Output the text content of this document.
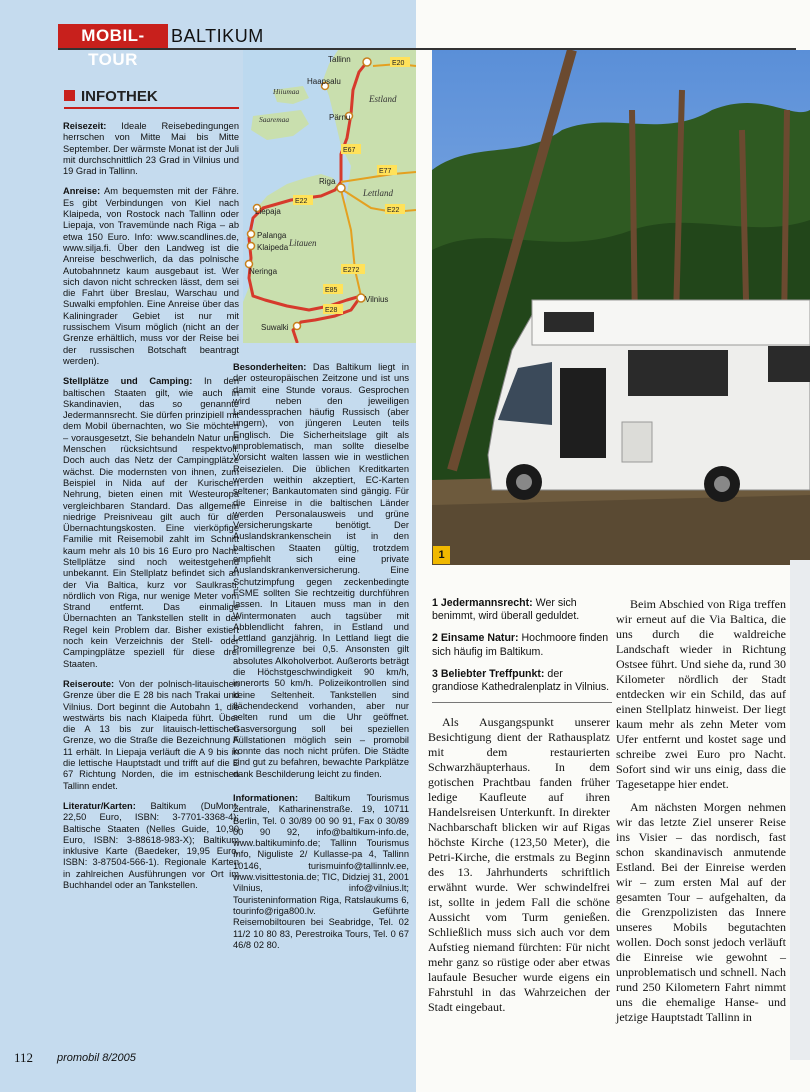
MOBIL-TOUR
BALTIKUM
INFOTHEK

Reisezeit: Ideale Reisebedingungen herrschen von Mitte Mai bis Mitte September. Der wärmste Monat ist der Juli mit durchschnittlich 23 Grad in Vilnius und 19 Grad in Tallinn.

Anreise: Am bequemsten mit der Fähre. Es gibt Verbindungen von Kiel nach Klaipeda, von Rostock nach Tallinn oder Liepaja, von Travemünde nach Riga – ab etwa 150 Euro. Info: www.scandlines.de, www.silja.fi. Über den Landweg ist die Anreise beschwerlich, da das polnische Autobahnnetz kaum ausgebaut ist. Wer sich davon nicht schrecken lässt, dem sei die Fahrt über Breslau, Warschau und Suwalki empfohlen. Eine Anreise über das Kaliningrader Gebiet ist nur mit russischem Visum möglich (nicht an der Grenze erhältlich, muss vor der Reise bei der russischen Botschaft beantragt werden).

Stellplätze und Camping: In den baltischen Staaten gilt, wie auch in Skandinavien, das so genannte Jedermannsrecht. Sie dürfen prinzipiell mit dem Mobil übernachten, wo Sie möchten – vorausgesetzt, Sie behandeln Natur und Menschen rücksichtsund respektvoll. Doch auch das Netz der Campingplätze wächst. Die modernsten von ihnen, zum Beispiel in Nida auf der Kurischen Nehrung, bieten einen mit Westeuropa vergleichbaren Standard. Das allgemein niedrige Preisniveau gilt auch für die Übernachtungskosten. Eine vierköpfige Familie mit Reisemobil zahlt im Schnitt kaum mehr als 10 bis 16 Euro pro Nacht. Stellplätze sind noch weitestgehend unbekannt. Ein Stellplatz befindet sich an der Via Baltica, kurz vor Saulkrasti, nördlich von Riga, nur wenige Meter vom Strand entfernt. Das einmalige Übernachten an Tankstellen stellt in der Regel kein Problem dar. Bisher existiert noch kein Verzeichnis der Stell- oder Campingplätze speziell für diese drei Staaten.

Reiseroute: Von der polnisch-litauischen Grenze über die E 28 bis nach Trakai und Vilnius. Dort beginnt die Autobahn 1, die westwärts bis nach Klaipeda führt. Über die A 13 bis zur litauisch-lettischen Grenze, wo die Straße die Bezeichnung A 11 erhält. In Liepaja verläuft die A 9 bis in die lettische Hauptstadt und trifft auf die E 67 Richtung Norden, die im estnischen Tallinn endet.

Literatur/Karten: Baltikum (DuMont, 22,50 Euro, ISBN: 3-7701-3368-4); Baltische Staaten (Nelles Guide, 10,90 Euro, ISBN: 3-88618-983-X); Baltikum inklusive Karte (Baedeker, 19,95 Euro, ISBN: 3-87504-566-1). Regionale Karten in zahlreichen Ausführungen vor Ort im Buchhandel oder an Tankstellen.

Tallinn
Haapsalu
Pärnu
Riga
Liepaja
Palanga
Klaipeda
Neringa
Vilnius
Suwalki
Estland
Lettland
Litauen
Hiiumaa
Saaremaa
E20
E67
E77
E22
E22
E272
E85
E28

Besonderheiten: Das Baltikum liegt in der osteuropäischen Zeitzone und ist uns damit eine Stunde voraus. Gesprochen wird neben den jeweiligen Landessprachen häufig Russisch (aber ungern), von jüngeren Leuten teils Englisch. Die Sicherheitslage gilt als unproblematisch, man sollte dieselbe Vorsicht walten lassen wie in westlichen Reisezielen. Die üblichen Kreditkarten werden weithin akzeptiert, EC-Karten seltener; Bankautomaten sind gängig. Für die Einreise in die baltischen Länder werden Personalausweis und grüne Versicherungskarte benötigt. Der Auslandskrankenschein ist in den baltischen Staaten gültig, trotzdem empfiehlt sich eine private Auslandskrankenversicherung. Eine Schutzimpfung gegen zeckenbedingte FSME sollten Sie rechtzeitig durchführen lassen. In Litauen muss man in den Wintermonaten auch tagsüber mit Abblendlicht fahren, in Estland und Lettland ganzjährig. In Lettland liegt die Promillegrenze bei 0,5. Ansonsten gilt absolutes Alkoholverbot. Außerorts beträgt die Höchstgeschwindigkeit 90 km/h, innerorts 50 km/h. Polizeikontrollen sind keine Seltenheit. Tankstellen sind flächendeckend vorhanden, aber nur selten rund um die Uhr geöffnet. Gasversorgung soll bei speziellen Füllstationen möglich sein – promobil konnte das noch nicht prüfen. Die Städte sind gut zu befahren, bewachte Parkplätze dank Beschilderung leicht zu finden.

Informationen: Baltikum Tourismus Zentrale, Katharinenstraße. 19, 10711 Berlin, Tel. 0 30/89 00 90 91, Fax 0 30/89 00 90 92, info@baltikum-info.de, www.baltikuminfo.de; Tallinn Tourismus Info, Niguliste 2/ Kullasse-pa 4, Tallinn 10146, turismuinfo@tallinnlv.ee, www.visittestonia.de; TIC, Didziej 31, 2001 Vilnius, info@vilnius.lt; Touristeninformation Riga, Ratslaukums 6, tourinfo@riga800.lv. Geführte Reisemobiltouren bei Seabridge, Tel. 02 11/2 10 80 83, Perestroika Tours, Tel. 0 67 46/8 02 80.

1

1 Jedermannsrecht: Wer sich benimmt, wird überall geduldet.

2 Einsame Natur: Hochmoore finden sich häufig im Baltikum.

3 Beliebter Treffpunkt: der grandiose Kathedralenplatz in Vilnius.

Als Ausgangspunkt unserer Besichtigung dient der Rathausplatz mit dem restaurierten Schwarzhäupterhaus. In dem gotischen Prachtbau fanden früher ledige Kaufleute auf ihren Handelsreisen Unterkunft. In direkter Nachbarschaft blicken wir auf Rigas höchste Kirche (123,50 Meter), die Petri-Kirche, die erstmals zu Beginn des 13. Jahrhunderts schriftlich erwähnt wurde. Wer schwindelfrei ist, sollte in jedem Fall die schöne Aussicht vom Turm genießen. Schließlich muss sich auch vor dem Aufstieg niemand fürchten: Für nicht mehr ganz so rüstige oder aber etwas laufaule Besucher wurde eigens ein Fahrstuhl in das Wahrzeichen der Stadt eingebaut.

Beim Abschied von Riga treffen wir erneut auf die Via Baltica, die uns durch die waldreiche Landschaft wieder in Richtung Ostsee führt. Und siehe da, rund 30 Kilometer nördlich der Stadt entdecken wir ein Schild, das auf einen Stellplatz hinweist. Der liegt kaum mehr als zehn Meter vom Ufer entfernt und kostet sage und schreibe zwei Euro pro Nacht. Sofort sind wir uns einig, dass die Tagesetappe hier endet.

Am nächsten Morgen nehmen wir das letzte Ziel unserer Reise ins Visier – das nordisch, fast schon skandinavisch anmutende Estland. Bei der Einreise werden wir – zum ersten Mal auf der gesamten Tour – aufgehalten, da die Grenzpolizisten das Innere unseres Mobils begutachten wollen. Doch sonst jedoch verläuft die Einreise wie gewohnt – unproblematisch und schnell. Nach rund 250 Kilometern Fahrt nimmt uns die ehemalige Hanse- und jetzige Hauptstadt Tallinn in

112 promobil 8/2005
